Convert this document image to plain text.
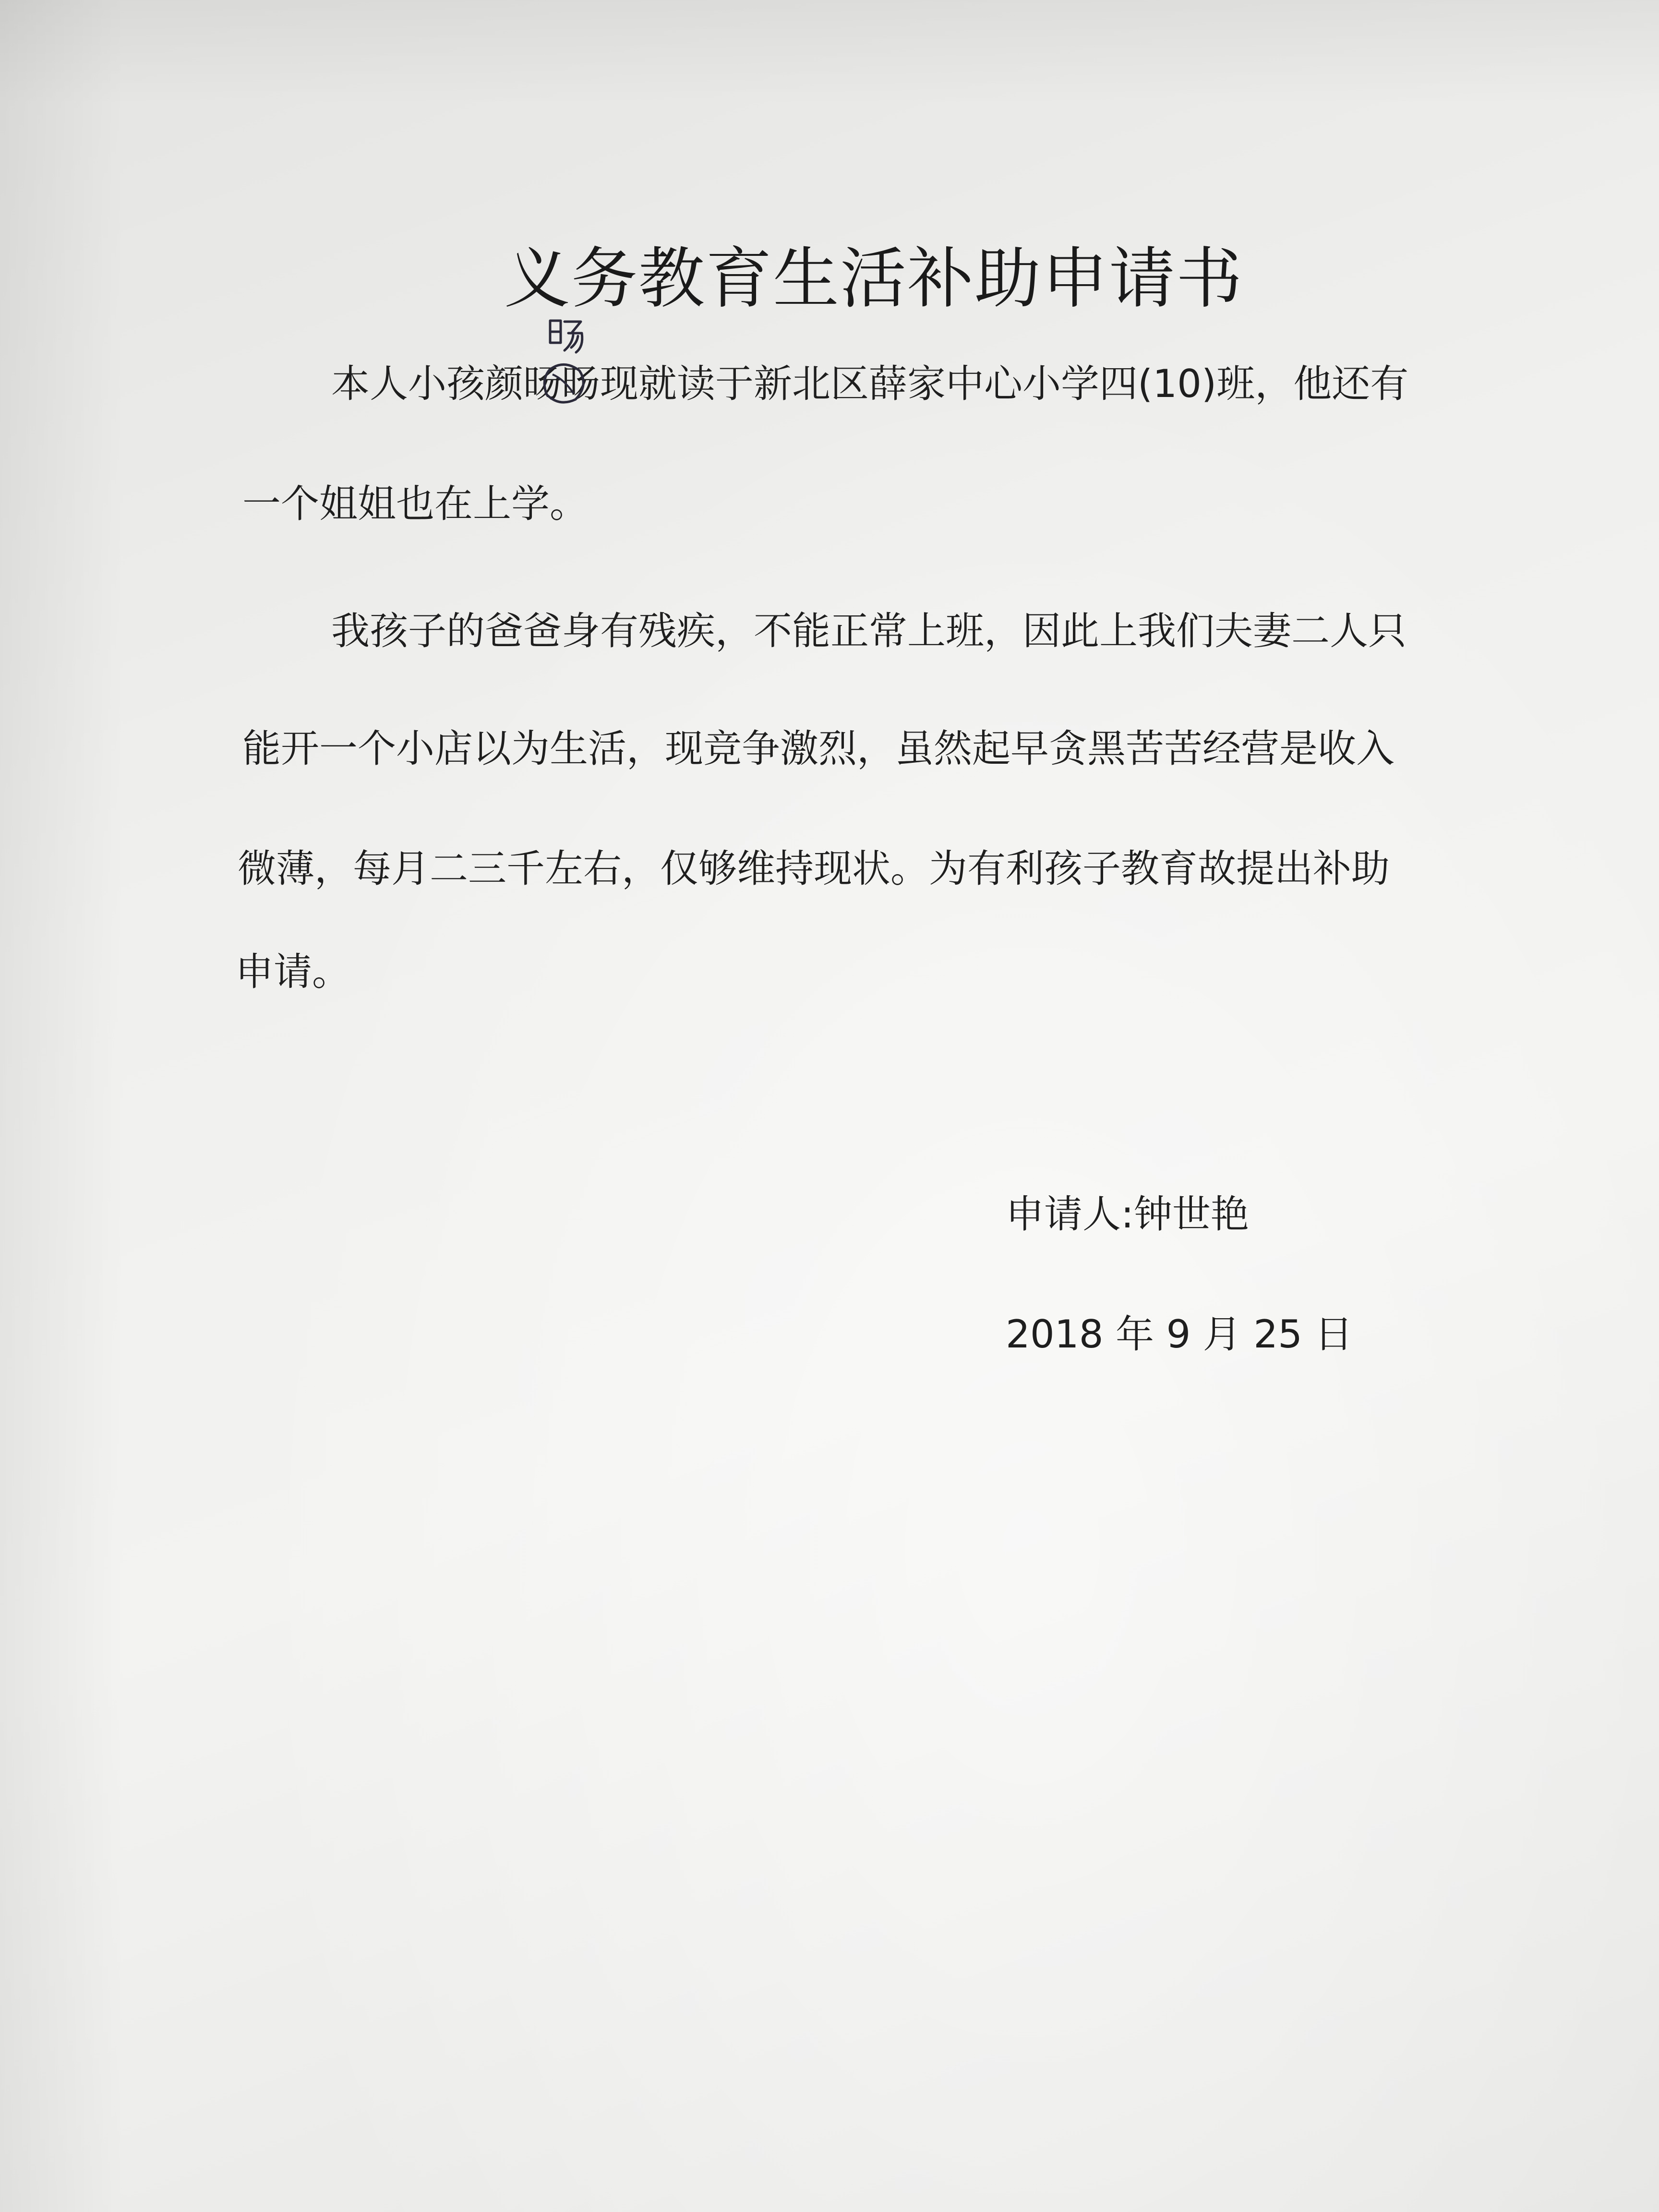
义务教育生活补助申请书
本人小孩颜旸旸现就读于新北区薛家中心小学四(10)班，他还有
一个姐姐也在上学。
我孩子的爸爸身有残疾，不能正常上班，因此上我们夫妻二人只
能开一个小店以为生活，现竞争激烈，虽然起早贪黑苦苦经营是收入
微薄，每月二三千左右，仅够维持现状。为有利孩子教育故提出补助
申请。
申请人:钟世艳
2018 年 9 月 25 日
